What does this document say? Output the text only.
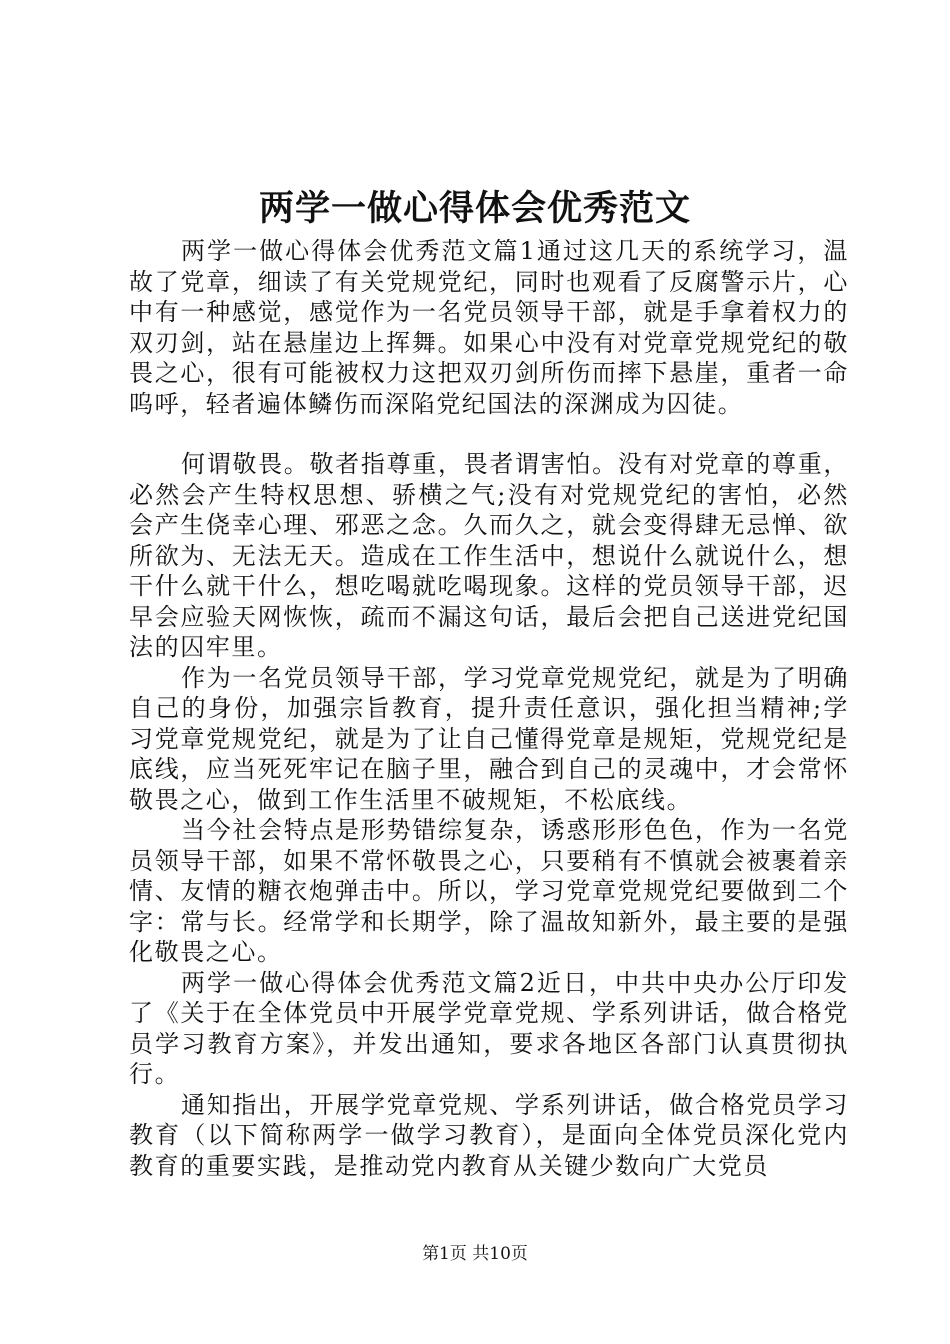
两学一做心得体会优秀范文

两学一做心得体会优秀范文篇1通过这几天的系统学习，温故了党章，细读了有关党规党纪，同时也观看了反腐警示片，心中有一种感觉，感觉作为一名党员领导干部，就是手拿着权力的双刃剑，站在悬崖边上挥舞。如果心中没有对党章党规党纪的敬畏之心，很有可能被权力这把双刃剑所伤而摔下悬崖，重者一命呜呼，轻者遍体鳞伤而深陷党纪国法的深渊成为囚徒。

何谓敬畏。敬者指尊重，畏者谓害怕。没有对党章的尊重，必然会产生特权思想、骄横之气;没有对党规党纪的害怕，必然会产生侥幸心理、邪恶之念。久而久之，就会变得肆无忌惮、欲所欲为、无法无天。造成在工作生活中，想说什么就说什么，想干什么就干什么，想吃喝就吃喝现象。这样的党员领导干部，迟早会应验天网恢恢，疏而不漏这句话，最后会把自己送进党纪国法的囚牢里。

作为一名党员领导干部，学习党章党规党纪，就是为了明确自己的身份，加强宗旨教育，提升责任意识，强化担当精神;学习党章党规党纪，就是为了让自己懂得党章是规矩，党规党纪是底线，应当死死牢记在脑子里，融合到自己的灵魂中，才会常怀敬畏之心，做到工作生活里不破规矩，不松底线。

当今社会特点是形势错综复杂，诱惑形形色色，作为一名党员领导干部，如果不常怀敬畏之心，只要稍有不慎就会被裹着亲情、友情的糖衣炮弹击中。所以，学习党章党规党纪要做到二个字：常与长。经常学和长期学，除了温故知新外，最主要的是强化敬畏之心。

两学一做心得体会优秀范文篇2近日，中共中央办公厅印发了《关于在全体党员中开展学党章党规、学系列讲话，做合格党员学习教育方案》，并发出通知，要求各地区各部门认真贯彻执行。

通知指出，开展学党章党规、学系列讲话，做合格党员学习教育（以下简称两学一做学习教育），是面向全体党员深化党内教育的重要实践，是推动党内教育从关键少数向广大党员

第1页 共10页
